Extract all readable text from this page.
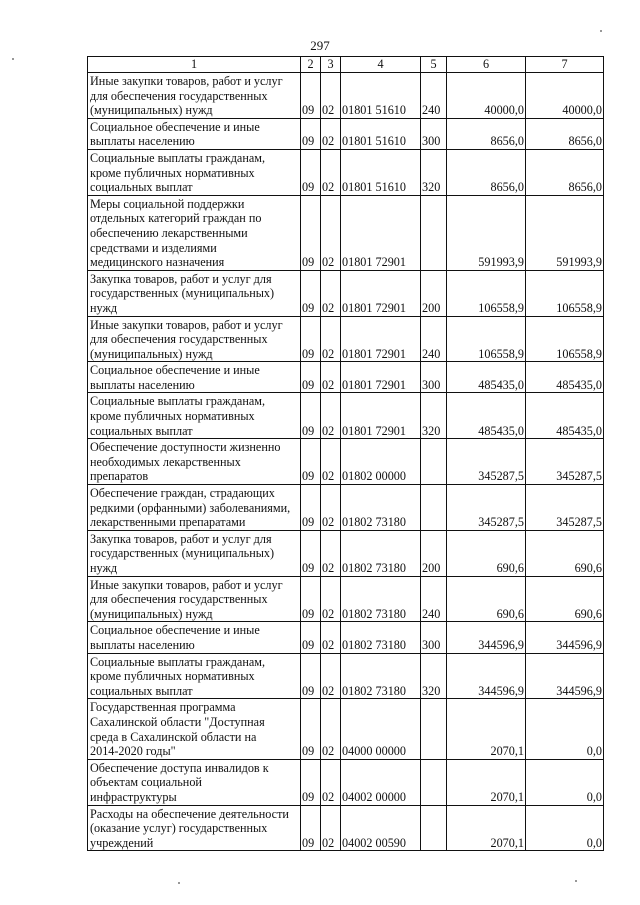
297
1	2	3	4	5	6	7

Иные закупки товаров, работ и услуг
для обеспечения государственных
(муниципальных) нужд	09	02	01801 51610	240	40000,0	40000,0

Социальное обеспечение и иные
выплаты населению	09	02	01801 51610	300	8656,0	8656,0

Социальные выплаты гражданам,
кроме публичных нормативных
социальных выплат	09	02	01801 51610	320	8656,0	8656,0

Меры социальной поддержки
отдельных категорий граждан по
обеспечению лекарственными
средствами и изделиями
медицинского назначения	09	02	01801 72901		591993,9	591993,9

Закупка товаров, работ и услуг для
государственных (муниципальных)
нужд	09	02	01801 72901	200	106558,9	106558,9

Иные закупки товаров, работ и услуг
для обеспечения государственных
(муниципальных) нужд	09	02	01801 72901	240	106558,9	106558,9

Социальное обеспечение и иные
выплаты населению	09	02	01801 72901	300	485435,0	485435,0

Социальные выплаты гражданам,
кроме публичных нормативных
социальных выплат	09	02	01801 72901	320	485435,0	485435,0

Обеспечение доступности жизненно
необходимых лекарственных
препаратов	09	02	01802 00000		345287,5	345287,5

Обеспечение граждан, страдающих
редкими (орфанными) заболеваниями,
лекарственными препаратами	09	02	01802 73180		345287,5	345287,5

Закупка товаров, работ и услуг для
государственных (муниципальных)
нужд	09	02	01802 73180	200	690,6	690,6

Иные закупки товаров, работ и услуг
для обеспечения государственных
(муниципальных) нужд	09	02	01802 73180	240	690,6	690,6

Социальное обеспечение и иные
выплаты населению	09	02	01802 73180	300	344596,9	344596,9

Социальные выплаты гражданам,
кроме публичных нормативных
социальных выплат	09	02	01802 73180	320	344596,9	344596,9

Государственная программа
Сахалинской области "Доступная
среда в Сахалинской области на
2014-2020 годы"	09	02	04000 00000		2070,1	0,0

Обеспечение доступа инвалидов к
объектам социальной
инфраструктуры	09	02	04002 00000		2070,1	0,0

Расходы на обеспечение деятельности
(оказание услуг) государственных
учреждений	09	02	04002 00590		2070,1	0,0
